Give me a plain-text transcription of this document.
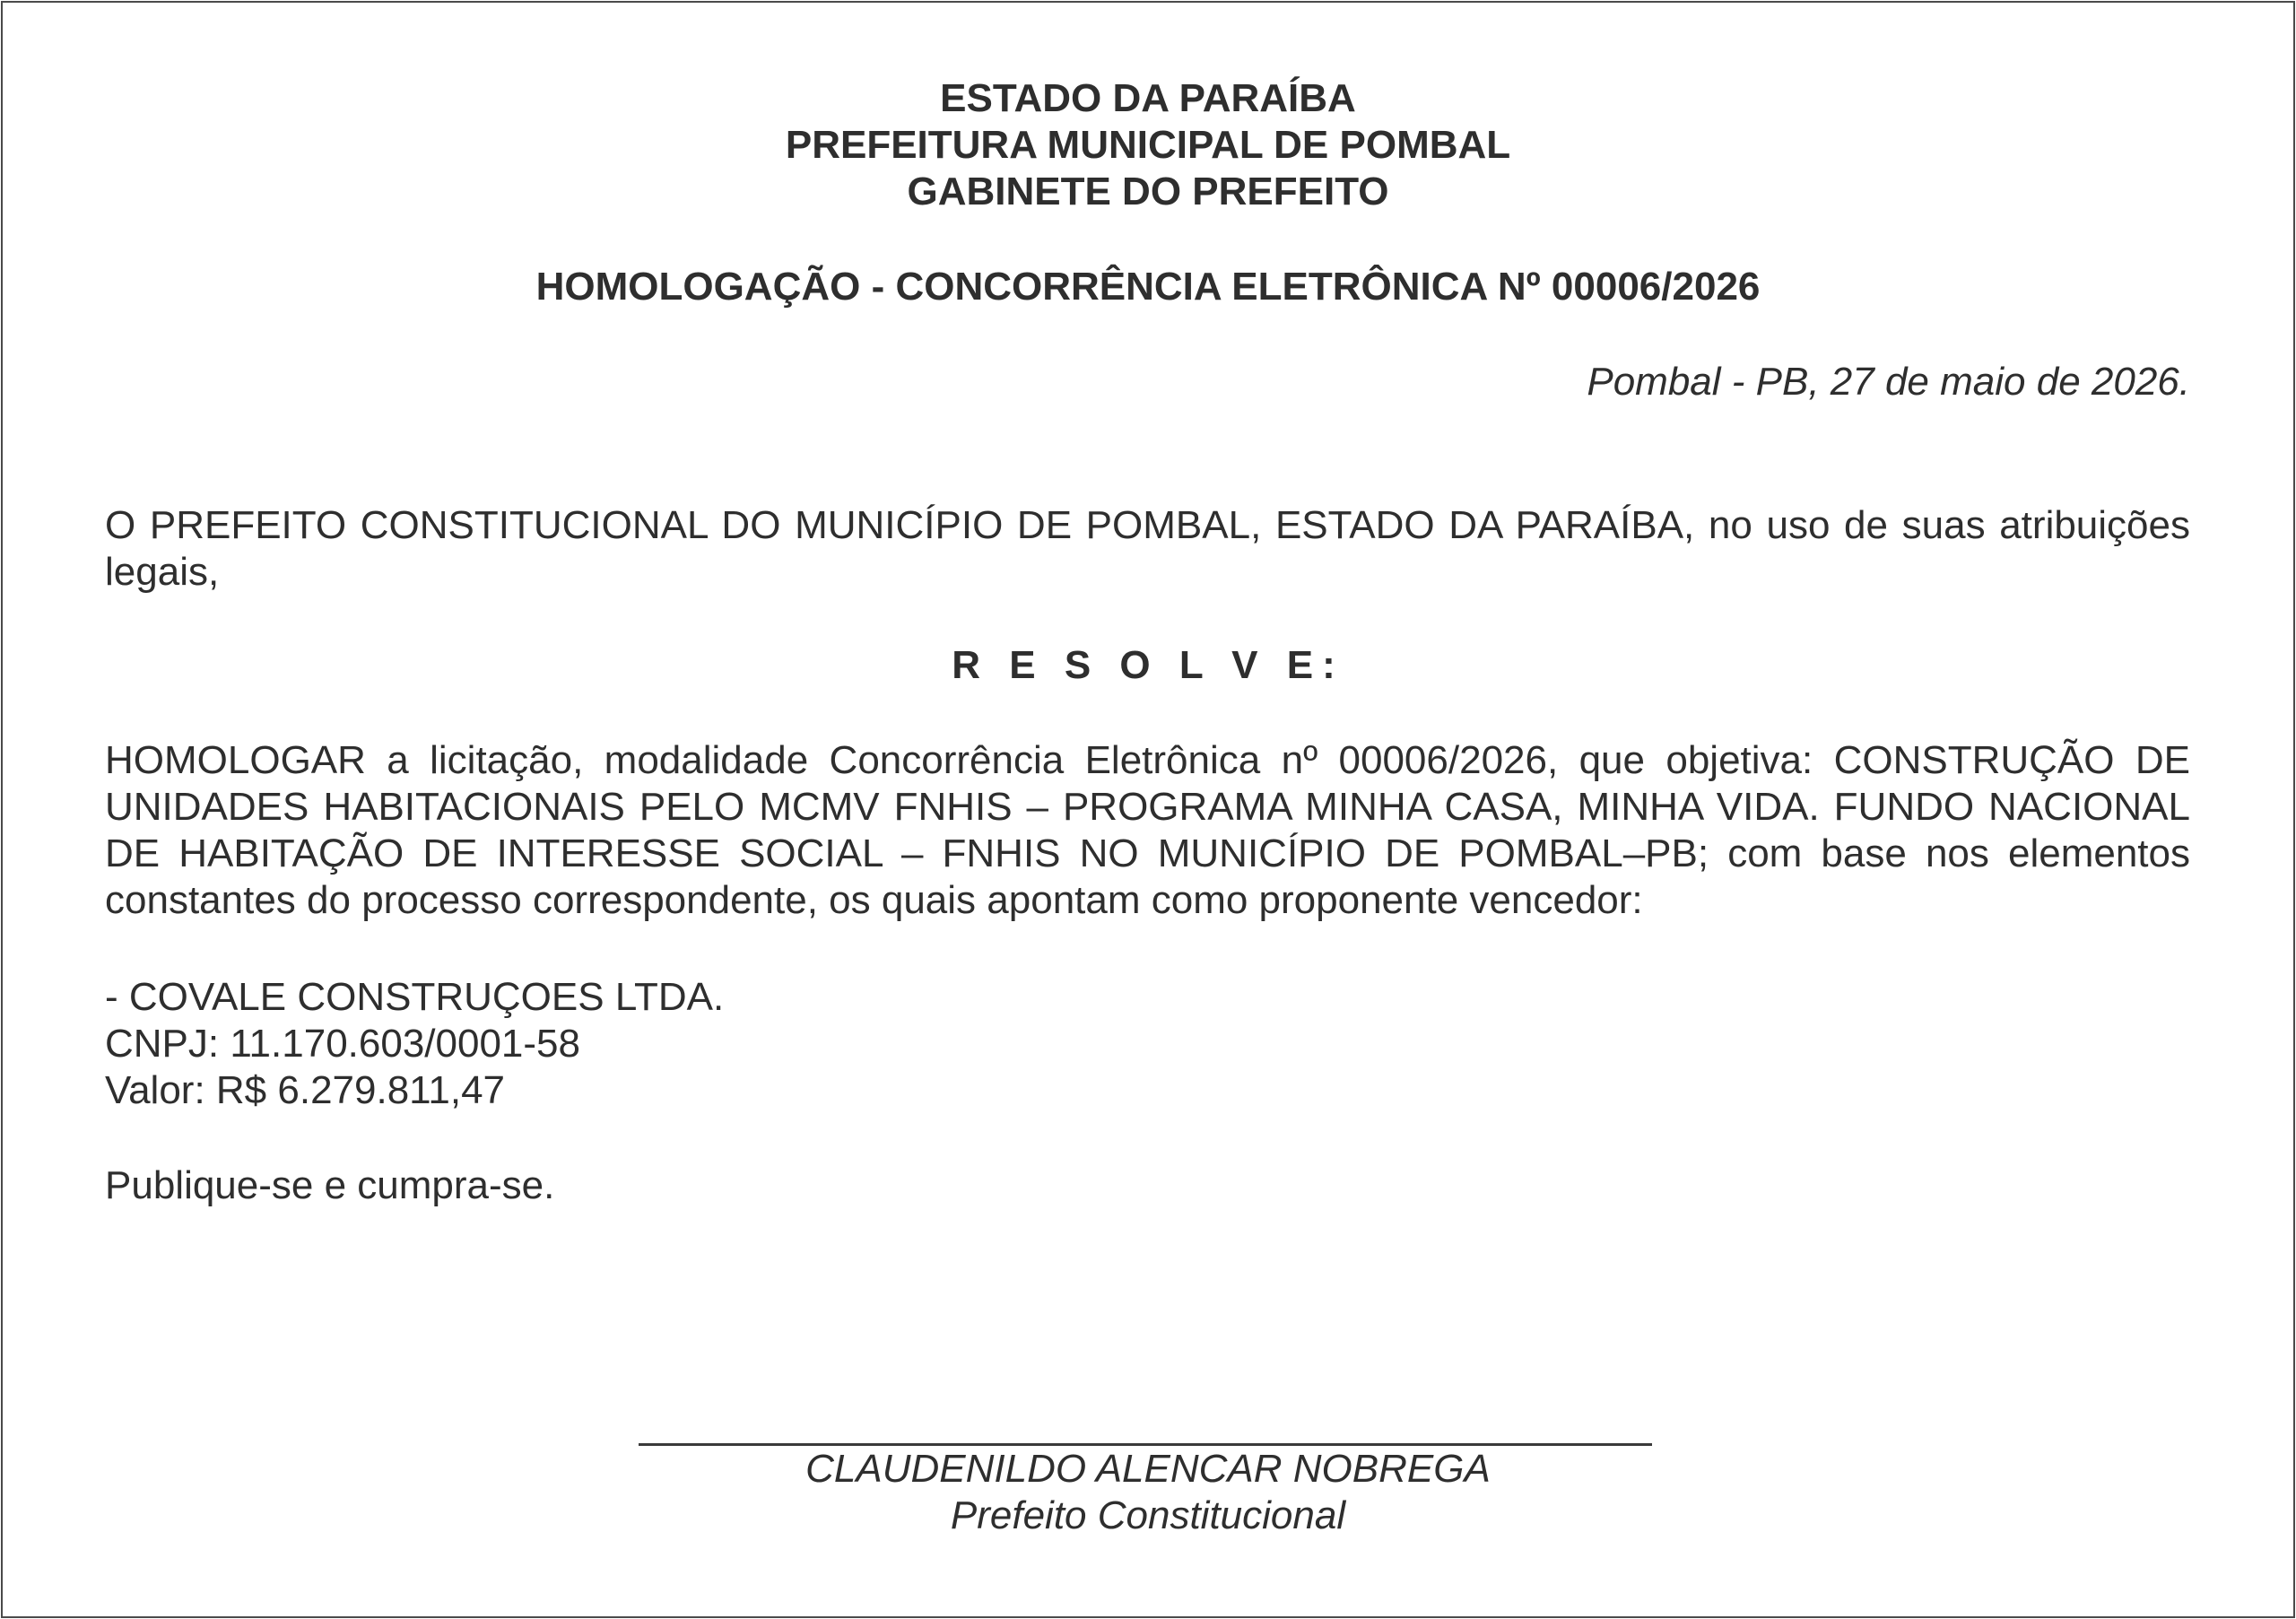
ESTADO DA PARAÍBA
PREFEITURA MUNICIPAL DE POMBAL
GABINETE DO PREFEITO
HOMOLOGAÇÃO - CONCORRÊNCIA ELETRÔNICA Nº 00006/2026
Pombal - PB, 27 de maio de 2026.
O PREFEITO CONSTITUCIONAL DO MUNICÍPIO DE POMBAL, ESTADO DA PARAÍBA, no uso de suas atribuições legais,
R E S O L V E:
HOMOLOGAR a licitação, modalidade Concorrência Eletrônica nº 00006/2026, que objetiva: CONSTRUÇÃO DE UNIDADES HABITACIONAIS PELO MCMV FNHIS – PROGRAMA MINHA CASA, MINHA VIDA. FUNDO NACIONAL DE HABITAÇÃO DE INTERESSE SOCIAL – FNHIS NO MUNICÍPIO DE POMBAL–PB; com base nos elementos constantes do processo correspondente, os quais apontam como proponente vencedor:
- COVALE CONSTRUÇOES LTDA.
CNPJ: 11.170.603/0001-58
Valor: R$ 6.279.811,47
Publique-se e cumpra-se.
CLAUDENILDO ALENCAR NOBREGA
Prefeito Constitucional
